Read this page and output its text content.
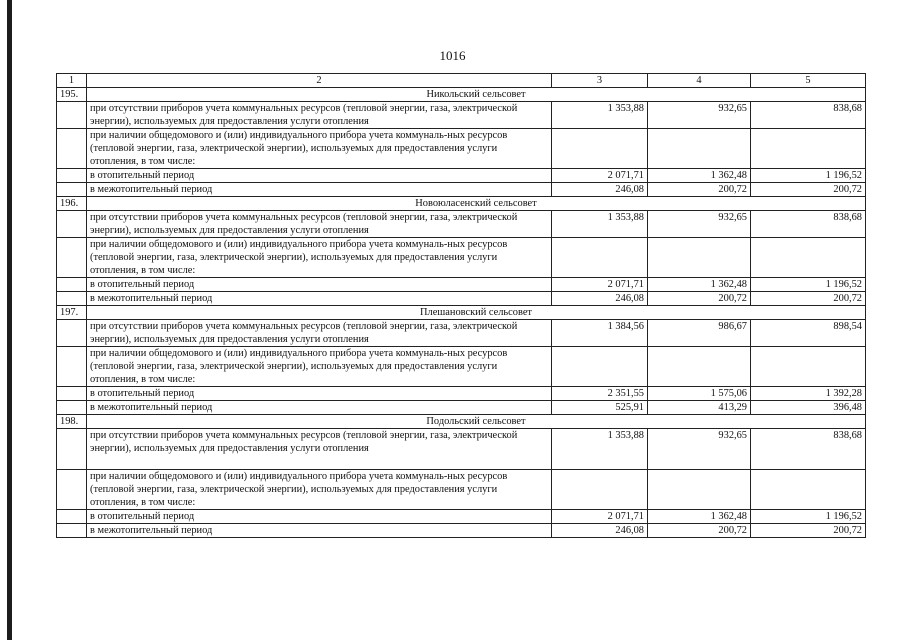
1016
1	2	3	4	5
195.	Никольский сельсовет			
	при отсутствии приборов учета коммунальных ресурсов (тепловой энергии, газа, электрической энергии), используемых для предоставления услуги отопления	1 353,88	932,65	838,68
	при наличии общедомового и (или) индивидуального прибора учета коммуналь-ных ресурсов (тепловой энергии, газа, электрической энергии), используемых для предоставления услуги отопления, в том числе:			
	в отопительный период	2 071,71	1 362,48	1 196,52
	в межотопительный период	246,08	200,72	200,72
196.	Новоюласенский сельсовет			
	при отсутствии приборов учета коммунальных ресурсов (тепловой энергии, газа, электрической энергии), используемых для предоставления услуги отопления	1 353,88	932,65	838,68
	при наличии общедомового и (или) индивидуального прибора учета коммуналь-ных ресурсов (тепловой энергии, газа, электрической энергии), используемых для предоставления услуги отопления, в том числе:			
	в отопительный период	2 071,71	1 362,48	1 196,52
	в межотопительный период	246,08	200,72	200,72
197.	Плешановский сельсовет			
	при отсутствии приборов учета коммунальных ресурсов (тепловой энергии, газа, электрической энергии), используемых для предоставления услуги отопления	1 384,56	986,67	898,54
	при наличии общедомового и (или) индивидуального прибора учета коммуналь-ных ресурсов (тепловой энергии, газа, электрической энергии), используемых для предоставления услуги отопления, в том числе:			
	в отопительный период	2 351,55	1 575,06	1 392,28
	в межотопительный период	525,91	413,29	396,48
198.	Подольский сельсовет			
	при отсутствии приборов учета коммунальных ресурсов (тепловой энергии, газа, электрической энергии), используемых для предоставления услуги отопления	1 353,88	932,65	838,68
	при наличии общедомового и (или) индивидуального прибора учета коммуналь-ных ресурсов (тепловой энергии, газа, электрической энергии), используемых для предоставления услуги отопления, в том числе:			
	в отопительный период	2 071,71	1 362,48	1 196,52
	в межотопительный период	246,08	200,72	200,72
